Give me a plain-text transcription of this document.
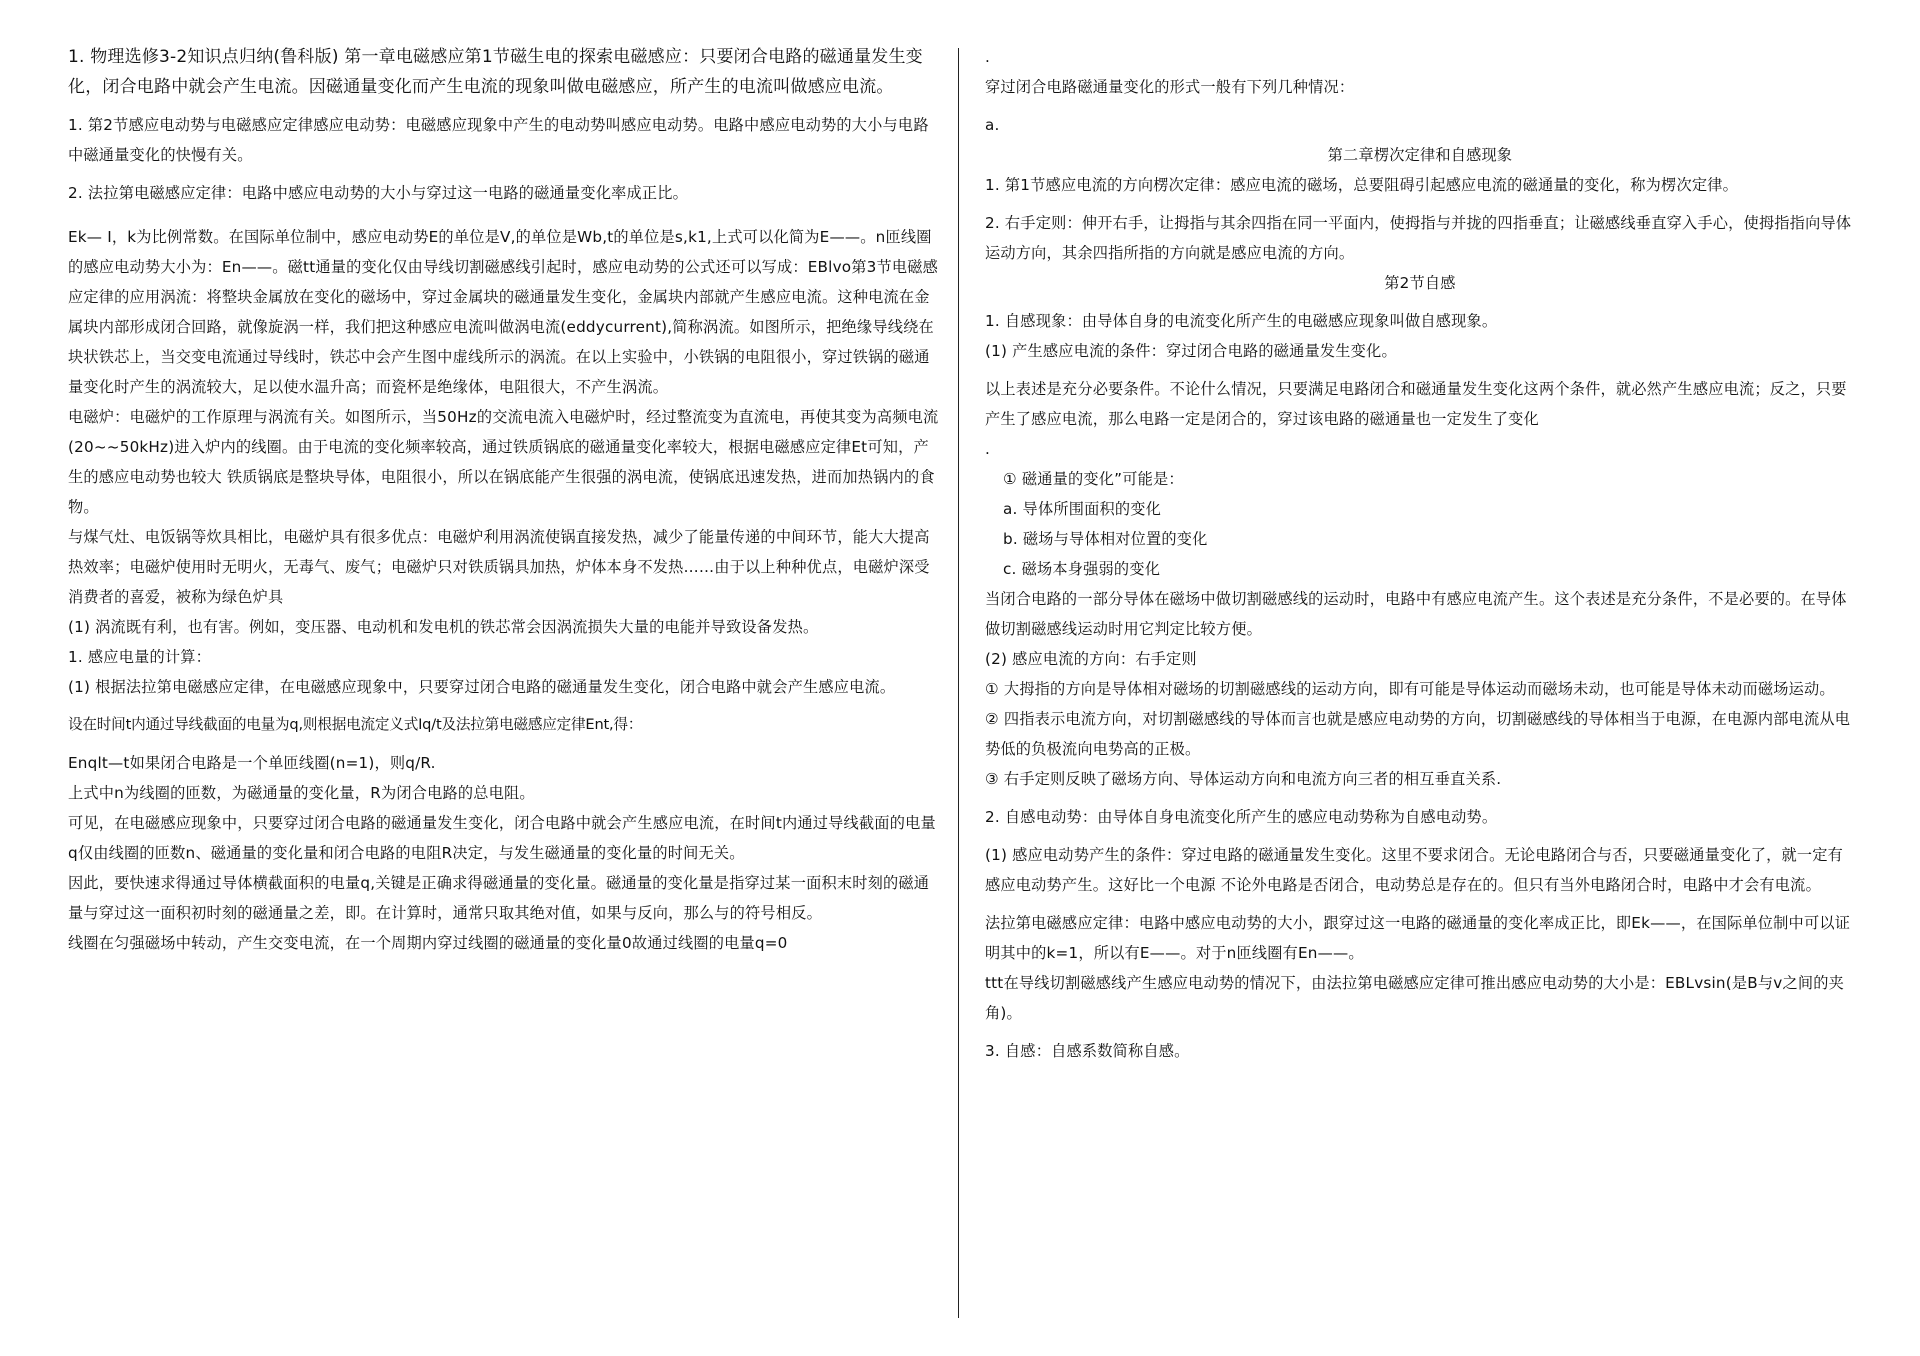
1. 物理选修3-2知识点归纳(鲁科版) 第一章电磁感应第1节磁生电的探索电磁感应：只要闭合电路的磁通量发生变化，闭合电路中就会产生电流。因磁通量变化而产生电流的现象叫做电磁感应，所产生的电流叫做感应电流。

1. 第2节感应电动势与电磁感应定律感应电动势：电磁感应现象中产生的电动势叫感应电动势。电路中感应电动势的大小与电路中磁通量变化的快慢有关。

2. 法拉第电磁感应定律：电路中感应电动势的大小与穿过这一电路的磁通量变化率成正比。

Ek— I，k为比例常数。在国际单位制中，感应电动势E的单位是V,的单位是Wb,t的单位是s,k1,上式可以化简为E——。n匝线圈的感应电动势大小为：En——。磁tt通量的变化仅由导线切割磁感线引起时，感应电动势的公式还可以写成：EBlvo第3节电磁感应定律的应用涡流：将整块金属放在变化的磁场中，穿过金属块的磁通量发生变化，金属块内部就产生感应电流。这种电流在金属块内部形成闭合回路，就像旋涡一样，我们把这种感应电流叫做涡电流(eddycurrent),简称涡流。如图所示，把绝缘导线绕在块状铁芯上，当交变电流通过导线时，铁芯中会产生图中虚线所示的涡流。在以上实验中，小铁锅的电阻很小，穿过铁锅的磁通量变化时产生的涡流较大，足以使水温升高；而瓷杯是绝缘体，电阻很大，不产生涡流。

电磁炉：电磁炉的工作原理与涡流有关。如图所示，当50Hz的交流电流入电磁炉时，经过整流变为直流电，再使其变为高频电流(20~~50kHz)进入炉内的线圈。由于电流的变化频率较高，通过铁质锅底的磁通量变化率较大，根据电磁感应定律Et可知，产生的感应电动势也较大 铁质锅底是整块导体，电阻很小，所以在锅底能产生很强的涡电流，使锅底迅速发热，进而加热锅内的食物。

与煤气灶、电饭锅等炊具相比，电磁炉具有很多优点：电磁炉利用涡流使锅直接发热，减少了能量传递的中间环节，能大大提高热效率；电磁炉使用时无明火，无毒气、废气；电磁炉只对铁质锅具加热，炉体本身不发热……由于以上种种优点，电磁炉深受消费者的喜爱，被称为绿色炉具

(1) 涡流既有利，也有害。例如，变压器、电动机和发电机的铁芯常会因涡流损失大量的电能并导致设备发热。

1. 感应电量的计算：

(1) 根据法拉第电磁感应定律，在电磁感应现象中，只要穿过闭合电路的磁通量发生变化，闭合电路中就会产生感应电流。

设在时间t内通过导线截面的电量为q,则根据电流定义式Iq/t及法拉第电磁感应定律Ent,得：

Enqlt—t如果闭合电路是一个单匝线圈(n=1)，则q/R.

上式中n为线圈的匝数，为磁通量的变化量，R为闭合电路的总电阻。

可见，在电磁感应现象中，只要穿过闭合电路的磁通量发生变化，闭合电路中就会产生感应电流，在时间t内通过导线截面的电量q仅由线圈的匝数n、磁通量的变化量和闭合电路的电阻R决定，与发生磁通量的变化量的时间无关。

因此，要快速求得通过导体横截面积的电量q,关键是正确求得磁通量的变化量。磁通量的变化量是指穿过某一面积末时刻的磁通量与穿过这一面积初时刻的磁通量之差，即。在计算时，通常只取其绝对值，如果与反向，那么与的符号相反。

线圈在匀强磁场中转动，产生交变电流，在一个周期内穿过线圈的磁通量的变化量0故通过线圈的电量q=0

.

穿过闭合电路磁通量变化的形式一般有下列几种情况：

a.

第二章楞次定律和自感现象

1. 第1节感应电流的方向楞次定律：感应电流的磁场，总要阻碍引起感应电流的磁通量的变化，称为楞次定律。

2. 右手定则：伸开右手，让拇指与其余四指在同一平面内，使拇指与并拢的四指垂直；让磁感线垂直穿入手心，使拇指指向导体运动方向，其余四指所指的方向就是感应电流的方向。

第2节自感

1. 自感现象：由导体自身的电流变化所产生的电磁感应现象叫做自感现象。

(1) 产生感应电流的条件：穿过闭合电路的磁通量发生变化。

以上表述是充分必要条件。不论什么情况，只要满足电路闭合和磁通量发生变化这两个条件，就必然产生感应电流；反之，只要产生了感应电流，那么电路一定是闭合的，穿过该电路的磁通量也一定发生了变化

.

① 磁通量的变化”可能是：

a. 导体所围面积的变化

b. 磁场与导体相对位置的变化

c. 磁场本身强弱的变化

当闭合电路的一部分导体在磁场中做切割磁感线的运动时，电路中有感应电流产生。这个表述是充分条件，不是必要的。在导体做切割磁感线运动时用它判定比较方便。

(2) 感应电流的方向：右手定则

① 大拇指的方向是导体相对磁场的切割磁感线的运动方向，即有可能是导体运动而磁场未动，也可能是导体未动而磁场运动。

② 四指表示电流方向，对切割磁感线的导体而言也就是感应电动势的方向，切割磁感线的导体相当于电源，在电源内部电流从电势低的负极流向电势高的正极。

③ 右手定则反映了磁场方向、导体运动方向和电流方向三者的相互垂直关系.

2. 自感电动势：由导体自身电流变化所产生的感应电动势称为自感电动势。

(1) 感应电动势产生的条件：穿过电路的磁通量发生变化。这里不要求闭合。无论电路闭合与否，只要磁通量变化了，就一定有感应电动势产生。这好比一个电源 不论外电路是否闭合，电动势总是存在的。但只有当外电路闭合时，电路中才会有电流。

法拉第电磁感应定律：电路中感应电动势的大小，跟穿过这一电路的磁通量的变化率成正比，即Ek——，在国际单位制中可以证明其中的k=1，所以有E——。对于n匝线圈有En——。

ttt在导线切割磁感线产生感应电动势的情况下，由法拉第电磁感应定律可推出感应电动势的大小是：EBLvsin(是B与v之间的夹角)。

3. 自感：自感系数简称自感。
